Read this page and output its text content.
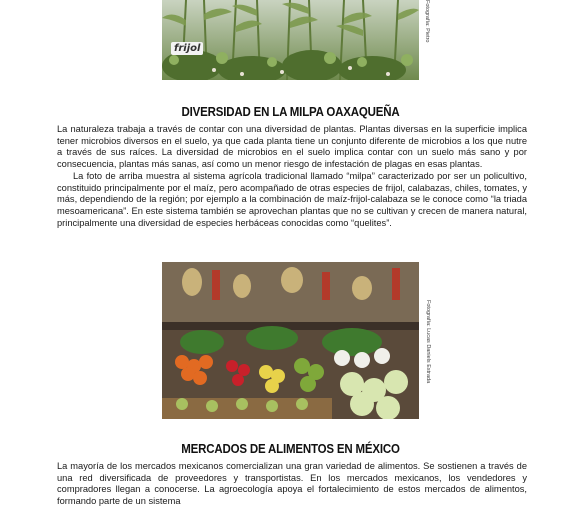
frijol
Fotografía: Pietro
DIVERSIDAD EN LA MILPA OAXAQUEÑA

La naturaleza trabaja a través de contar con una diversidad de plantas. Plantas diversas en la superficie implica tener microbios diversos en el suelo, ya que cada planta tiene un conjunto diferente de microbios a los que nutre a través de sus raíces. La diversidad de microbios en el suelo implica contar con un suelo más sano y por consecuencia, plantas más sanas, así como un menor riesgo de infestación de plagas en esas plantas.

La foto de arriba muestra al sistema agrícola tradicional llamado “milpa” caracterizado por ser un policultivo, constituido principalmente por el maíz, pero acompañado de otras especies de frijol, calabazas, chiles, tomates, y más, dependiendo de la región; por ejemplo a la combinación de maíz-frijol-calabaza se le conoce como “la triada mesoamericana”. En este sistema también se aprovechan plantas que no se cultivan y crecen de manera natural, principalmente una diversidad de especies herbáceas conocidas como “quelites”.

Fotografía: Lucas Daniels Estrada
MERCADOS DE ALIMENTOS EN MÉXICO

La mayoría de los mercados mexicanos comercializan una gran variedad de alimentos. Se sostienen a través de una red diversificada de proveedores y transportistas. En los mercados mexicanos, los vendedores y compradores llegan a conocerse. La agroecología apoya el fortalecimiento de estos mercados de alimentos, formando parte de un sistema
